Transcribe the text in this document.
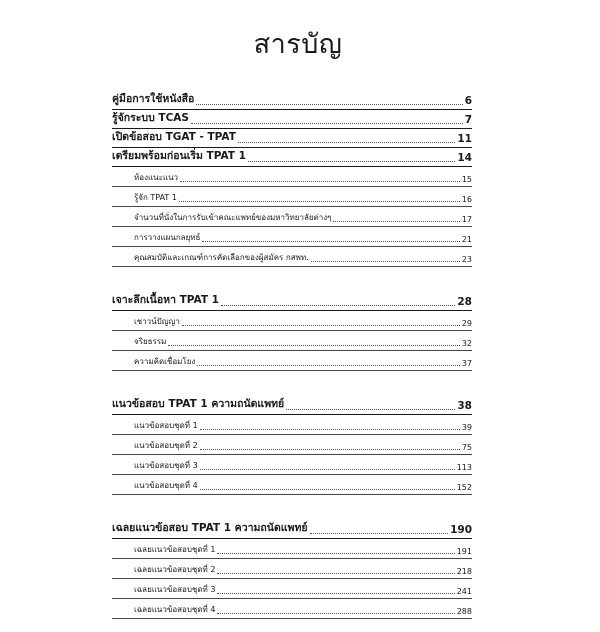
สารบัญ
คู่มือการใช้หนังสือ	6
รู้จักระบบ TCAS	7
เปิดข้อสอบ TGAT - TPAT	11
เตรียมพร้อมก่อนเริ่ม TPAT 1	14
ห้องแนะแนว	15
รู้จัก TPAT 1	16
จำนวนที่นั่งในการรับเข้าคณะแพทย์ของมหาวิทยาลัยต่างๆ	17
การวางแผนกลยุทธ์	21
คุณสมบัติและเกณฑ์การคัดเลือกของผู้สมัคร กสพท.	23
เจาะลึกเนื้อหา TPAT 1	28
เชาวน์ปัญญา	29
จริยธรรม	32
ความคิดเชื่อมโยง	37
แนวข้อสอบ TPAT 1 ความถนัดแพทย์	38
แนวข้อสอบชุดที่ 1	39
แนวข้อสอบชุดที่ 2	75
แนวข้อสอบชุดที่ 3	113
แนวข้อสอบชุดที่ 4	152
เฉลยแนวข้อสอบ TPAT 1 ความถนัดแพทย์	190
เฉลยแนวข้อสอบชุดที่ 1	191
เฉลยแนวข้อสอบชุดที่ 2	218
เฉลยแนวข้อสอบชุดที่ 3	241
เฉลยแนวข้อสอบชุดที่ 4	288
